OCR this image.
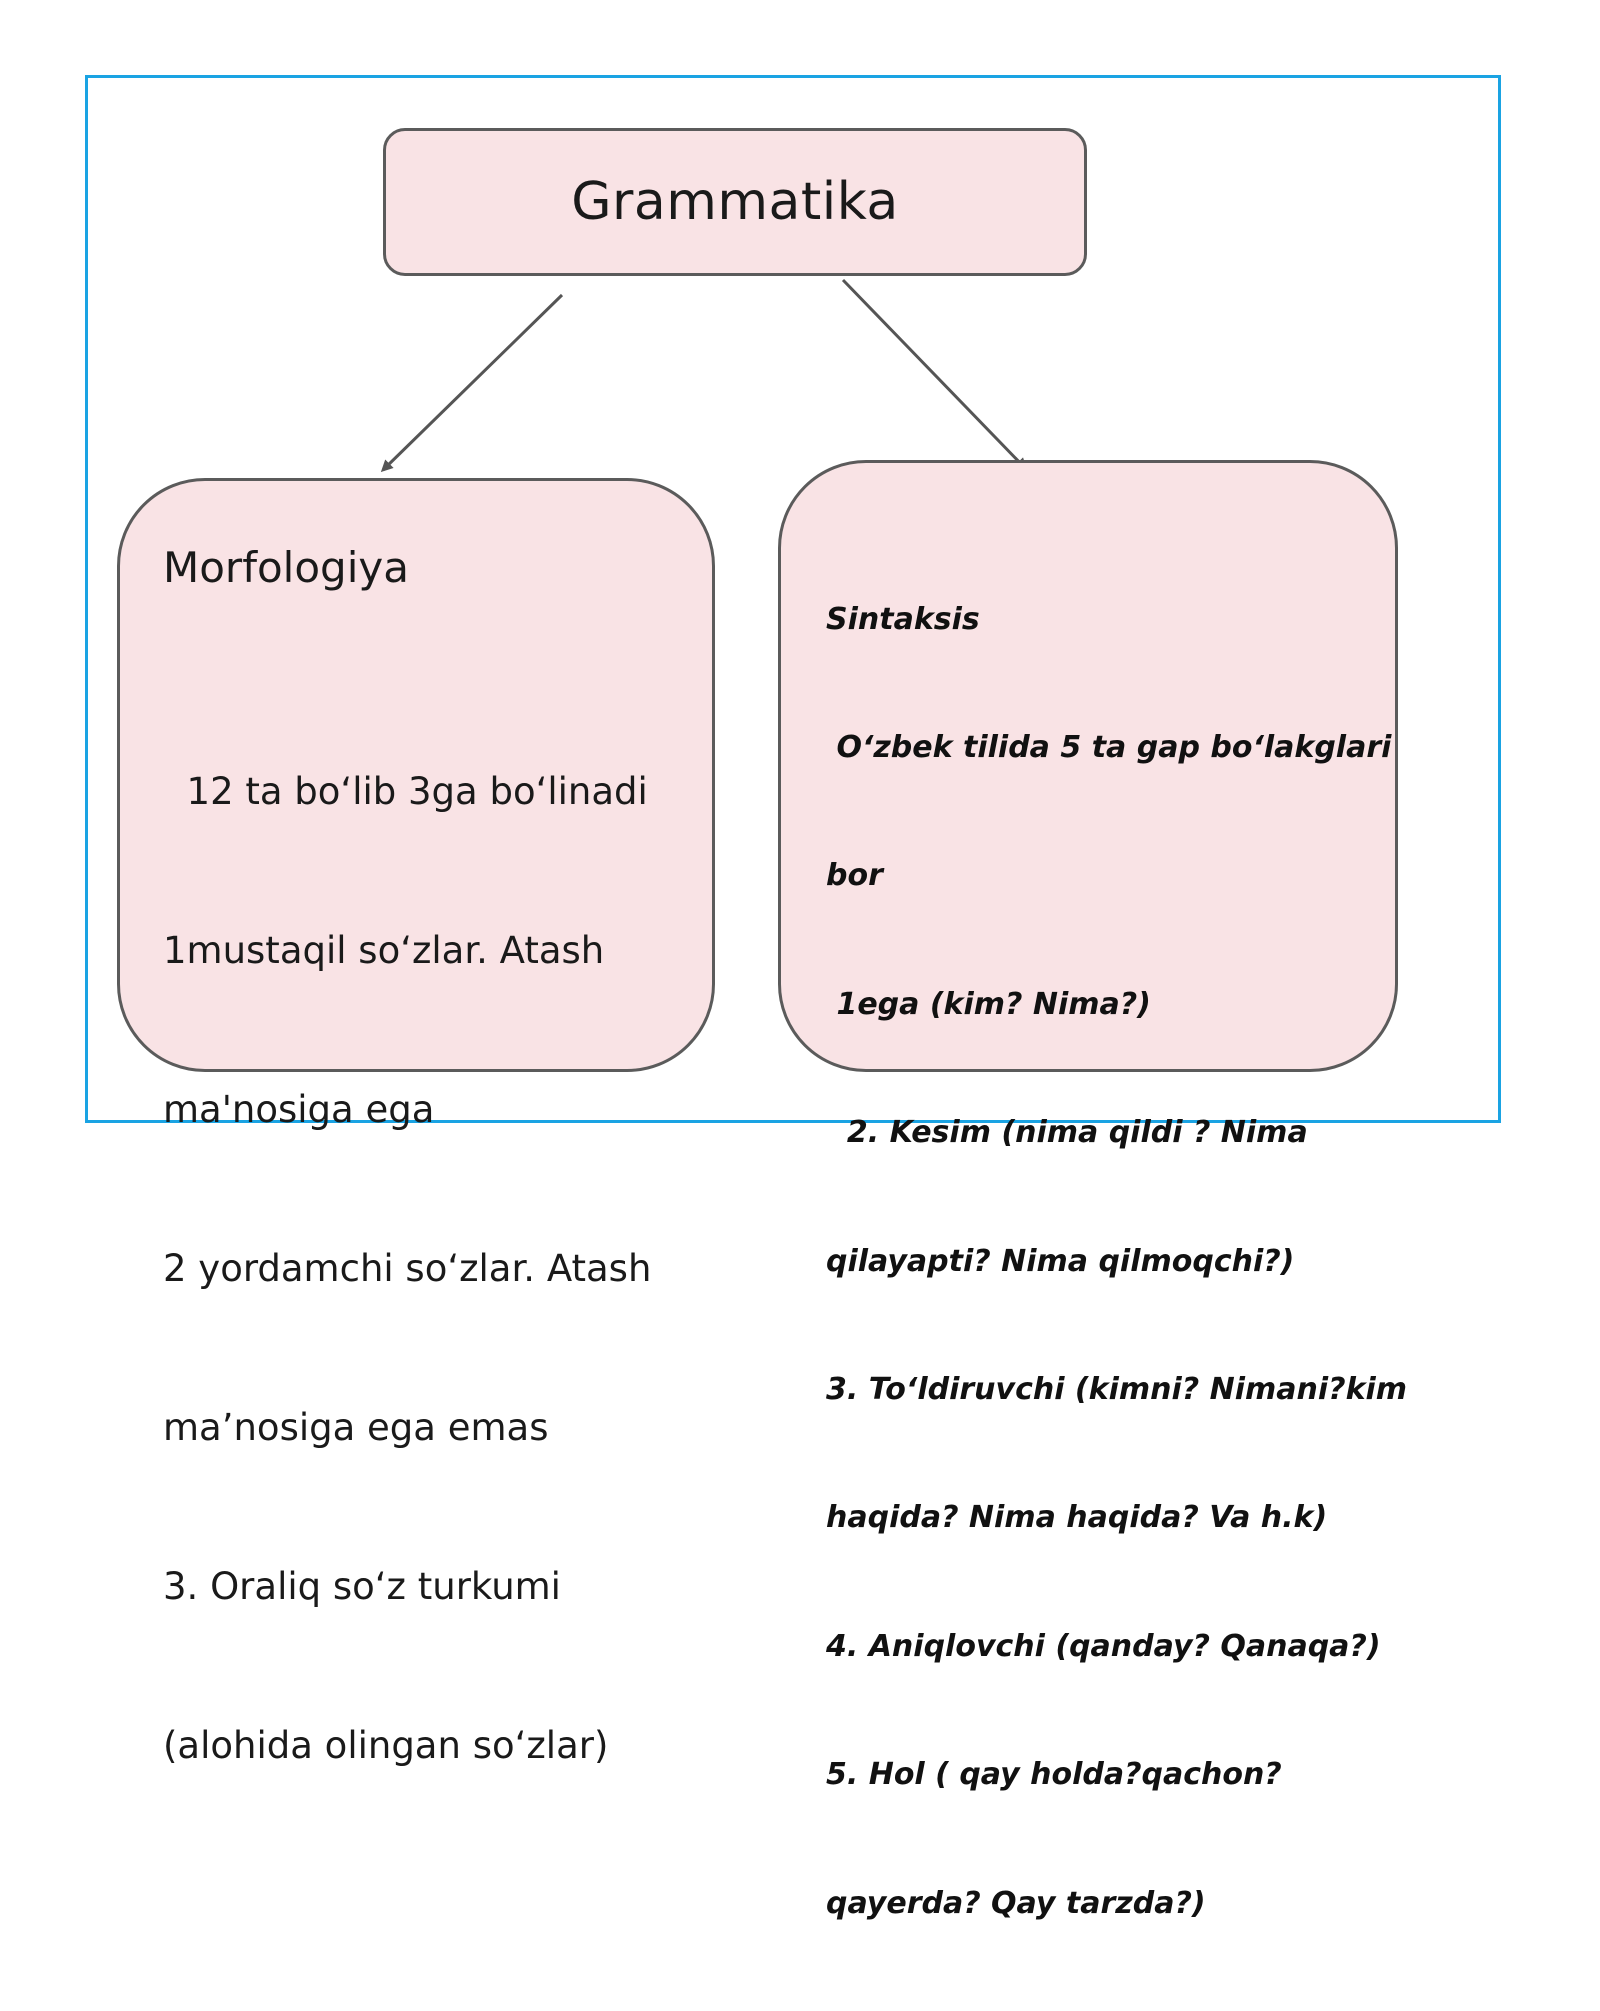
Grammatika
Morfologiya

12 ta bo‘lib 3ga bo‘linadi

1mustaqil so‘zlar. Atash

ma'nosiga ega

2 yordamchi so‘zlar. Atash

ma’nosiga ega emas

3. Oraliq so‘z turkumi

(alohida olingan so‘zlar)

Sintaksis

O‘zbek tilida 5 ta gap bo‘lakglari

bor

1ega (kim? Nima?)

2. Kesim (nima qildi ? Nima

qilayapti? Nima qilmoqchi?)

3. To‘ldiruvchi (kimni? Nimani?kim

haqida? Nima haqida? Va h.k)

4. Aniqlovchi (qanday? Qanaqa?)

5. Hol ( qay holda?qachon?

qayerda? Qay tarzda?)
